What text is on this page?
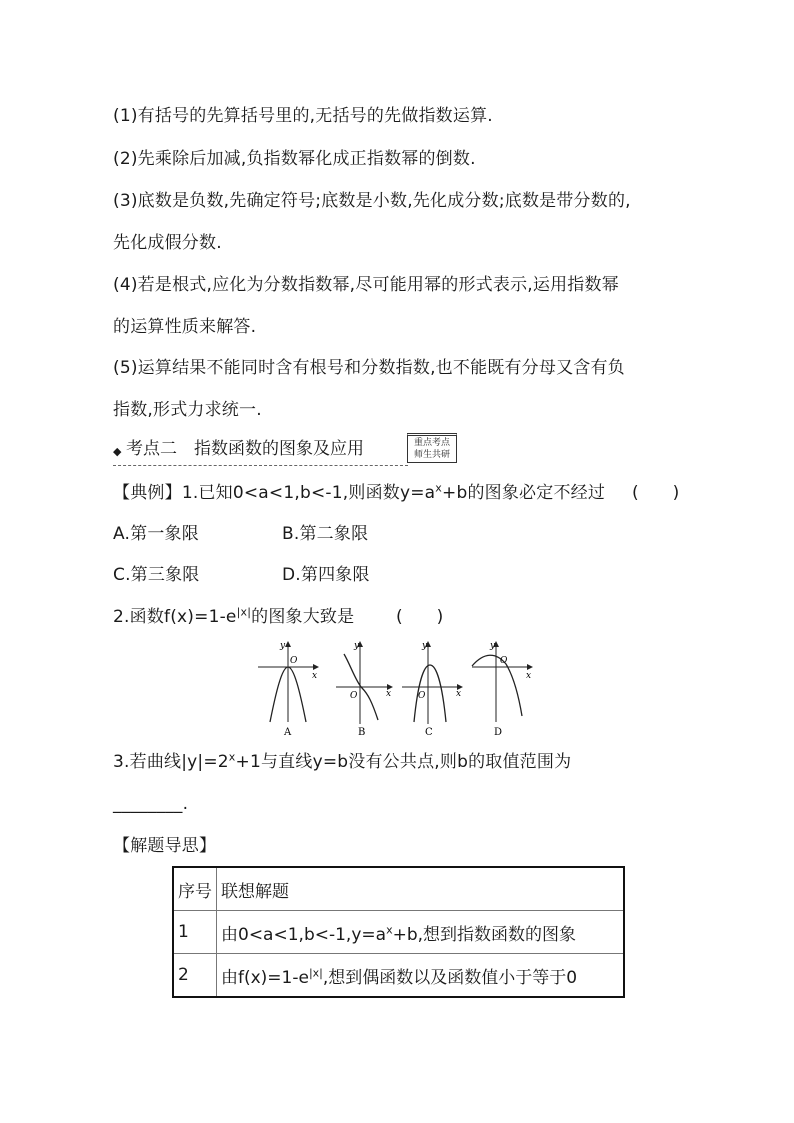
(1)有括号的先算括号里的,无括号的先做指数运算.
(2)先乘除后加减,负指数幂化成正指数幂的倒数.
(3)底数是负数,先确定符号;底数是小数,先化成分数;底数是带分数的,
先化成假分数.
(4)若是根式,应化为分数指数幂,尽可能用幂的形式表示,运用指数幂
的运算性质来解答.
(5)运算结果不能同时含有根号和分数指数,也不能既有分母又含有负
指数,形式力求统一.
◆ 考点二　指数函数的图象及应用	重点考点
师生共研
【典例】1.已知0<a<1,b<-1,则函数$y=a^x+b$的图象必定不经过 (　　)
A.第一象限	B.第二象限
C.第三象限	D.第四象限
2.函数$f(x)=1-e^{|x|}$的图象大致是 (　　)
y
x
O
A
y
x
O
B
y
x
O
C
y
x
O
D
3.若曲线$|y|=2^x+1$与直线y=b没有公共点,则b的取值范围为
________.
【解题导思】
序号	联想解题
1	由$0<a<1,b<-1,y=a^x+b$,想到指数函数的图象
2	由$f(x)=1-e^{|x|}$,想到偶函数以及函数值小于等于0
